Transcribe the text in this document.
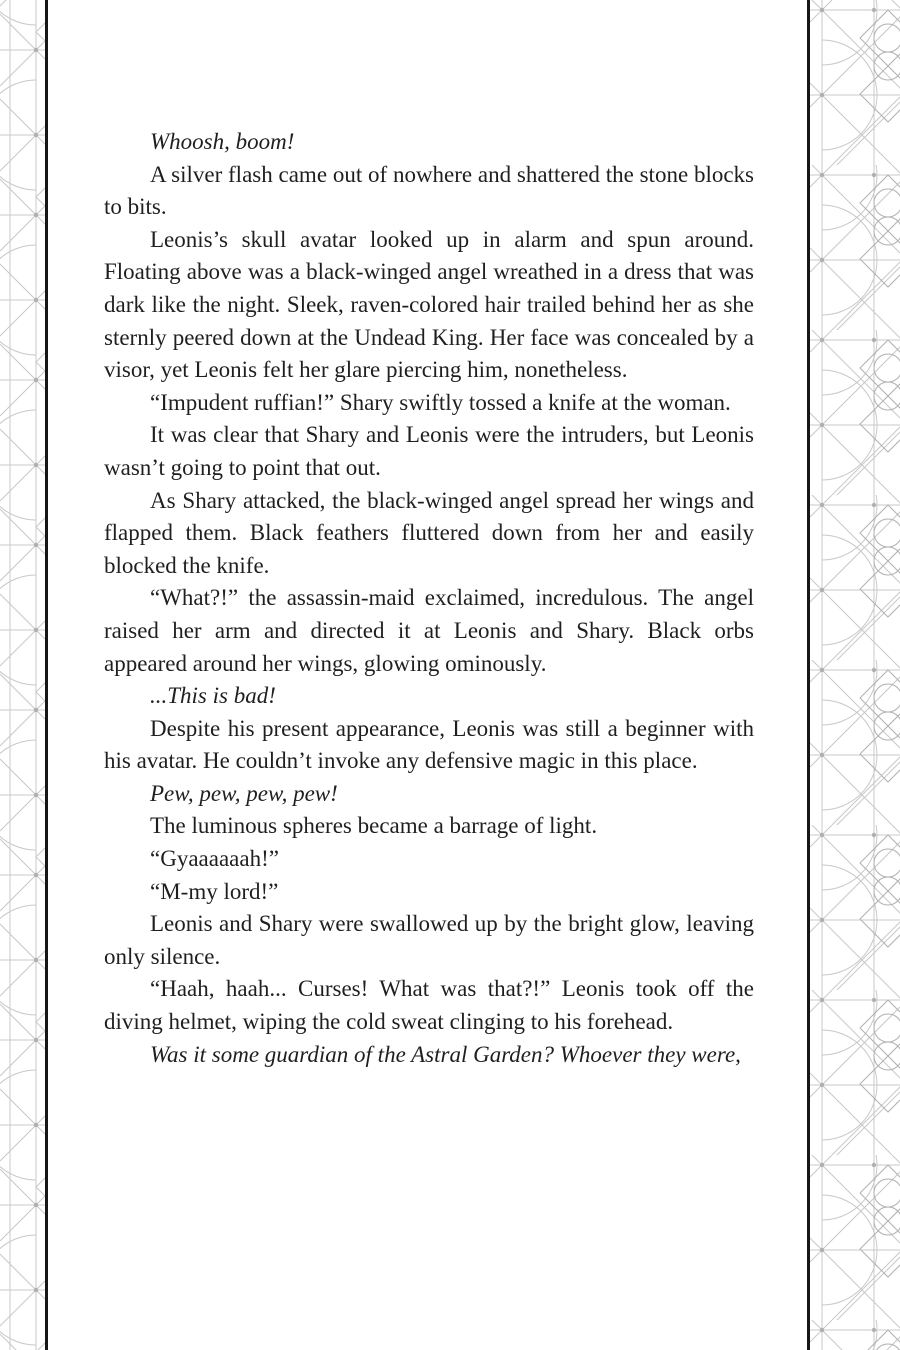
Whoosh, boom!

A silver flash came out of nowhere and shattered the stone blocks to bits.

Leonis’s skull avatar looked up in alarm and spun around. Floating above was a black-winged angel wreathed in a dress that was dark like the night. Sleek, raven-colored hair trailed behind her as she sternly peered down at the Undead King. Her face was concealed by a visor, yet Leonis felt her glare piercing him, nonetheless.

“Impudent ruffian!” Shary swiftly tossed a knife at the woman.

It was clear that Shary and Leonis were the intruders, but Leonis wasn’t going to point that out.

As Shary attacked, the black-winged angel spread her wings and flapped them. Black feathers fluttered down from her and easily blocked the knife.

“What?!” the assassin-maid exclaimed, incredulous. The angel raised her arm and directed it at Leonis and Shary. Black orbs appeared around her wings, glowing ominously.

...This is bad!

Despite his present appearance, Leonis was still a beginner with his avatar. He couldn’t invoke any defensive magic in this place.

Pew, pew, pew, pew!

The luminous spheres became a barrage of light.

“Gyaaaaaah!”

“M-my lord!”

Leonis and Shary were swallowed up by the bright glow, leaving only silence.

“Haah, haah... Curses! What was that?!” Leonis took off the diving helmet, wiping the cold sweat clinging to his forehead.

Was it some guardian of the Astral Garden? Whoever they were,
